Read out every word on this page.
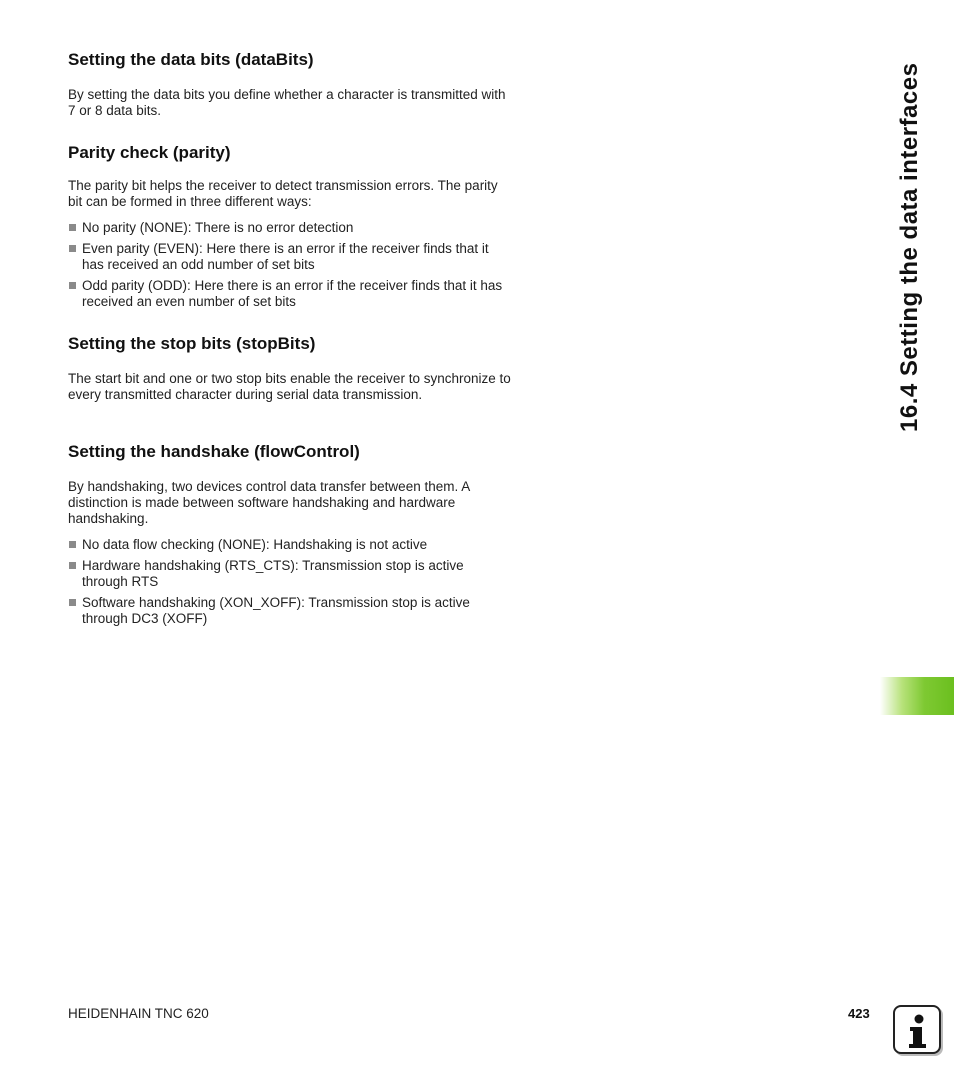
Setting the data bits (dataBits)

By setting the data bits you define whether a character is transmitted with 7 or 8 data bits.

Parity check (parity)

The parity bit helps the receiver to detect transmission errors. The parity bit can be formed in three different ways:

No parity (NONE): There is no error detection
Even parity (EVEN): Here there is an error if the receiver finds that it has received an odd number of set bits
Odd parity (ODD): Here there is an error if the receiver finds that it has received an even number of set bits
Setting the stop bits (stopBits)

The start bit and one or two stop bits enable the receiver to synchronize to every transmitted character during serial data transmission.

Setting the handshake (flowControl)

By handshaking, two devices control data transfer between them. A distinction is made between software handshaking and hardware handshaking.

No data flow checking (NONE): Handshaking is not active
Hardware handshaking (RTS_CTS): Transmission stop is active through RTS
Software handshaking (XON_XOFF): Transmission stop is active through DC3 (XOFF)
16.4 Setting the data interfaces
HEIDENHAIN TNC 620	423
